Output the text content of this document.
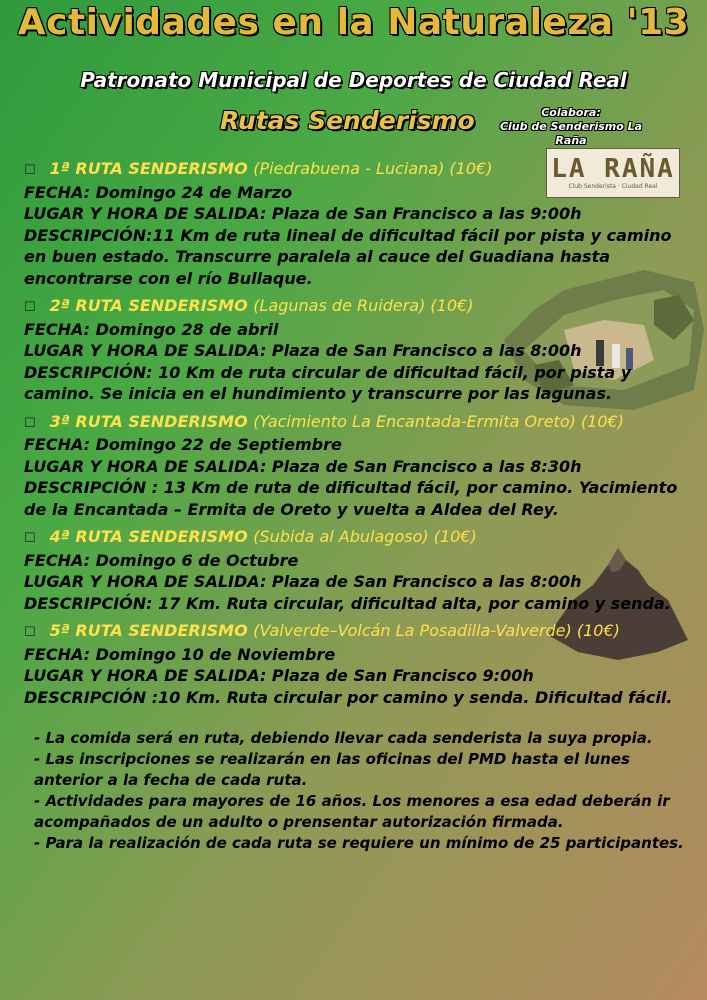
Actividades en la Naturaleza '13
Patronato Municipal de Deportes de Ciudad Real
Rutas Senderismo	Colabora:
Club de Senderismo La Raña
LA RAÑA
Club Senderista · Ciudad Real
☐ 1ª RUTA SENDERISMO (Piedrabuena - Luciana) (10€)
FECHA: Domingo 24 de Marzo
LUGAR Y HORA DE SALIDA: Plaza de San Francisco a las 9:00h
DESCRIPCIÓN:11 Km de ruta lineal de dificultad fácil por pista y camino en buen estado. Transcurre paralela al cauce del Guadiana hasta encontrarse con el río Bullaque.
☐ 2ª RUTA SENDERISMO (Lagunas de Ruidera) (10€)
FECHA: Domingo 28 de abril
LUGAR Y HORA DE SALIDA: Plaza de San Francisco a las 8:00h
DESCRIPCIÓN: 10 Km de ruta circular de dificultad fácil, por pista y camino. Se inicia en el hundimiento y transcurre por las lagunas.
☐ 3ª RUTA SENDERISMO (Yacimiento La Encantada-Ermita Oreto) (10€)
FECHA: Domingo 22 de Septiembre
LUGAR Y HORA DE SALIDA: Plaza de San Francisco a las 8:30h
DESCRIPCIÓN : 13 Km de ruta de dificultad fácil, por camino. Yacimiento de la Encantada – Ermita de Oreto y vuelta a Aldea del Rey.
☐ 4ª RUTA SENDERISMO (Subida al Abulagoso) (10€)
FECHA: Domingo 6 de Octubre
LUGAR Y HORA DE SALIDA: Plaza de San Francisco a las 8:00h
DESCRIPCIÓN: 17 Km. Ruta circular, dificultad alta, por camino y senda.
☐ 5ª RUTA SENDERISMO (Valverde–Volcán La Posadilla-Valverde) (10€)
FECHA: Domingo 10 de Noviembre
LUGAR Y HORA DE SALIDA: Plaza de San Francisco 9:00h
DESCRIPCIÓN :10 Km. Ruta circular por camino y senda. Dificultad fácil.
- La comida será en ruta, debiendo llevar cada senderista la suya propia.
- Las inscripciones se realizarán en las oficinas del PMD hasta el lunes anterior a la fecha de cada ruta.
- Actividades para mayores de 16 años. Los menores a esa edad deberán ir acompañados de un adulto o prensentar autorización firmada.
- Para la realización de cada ruta se requiere un mínimo de 25 participantes.
